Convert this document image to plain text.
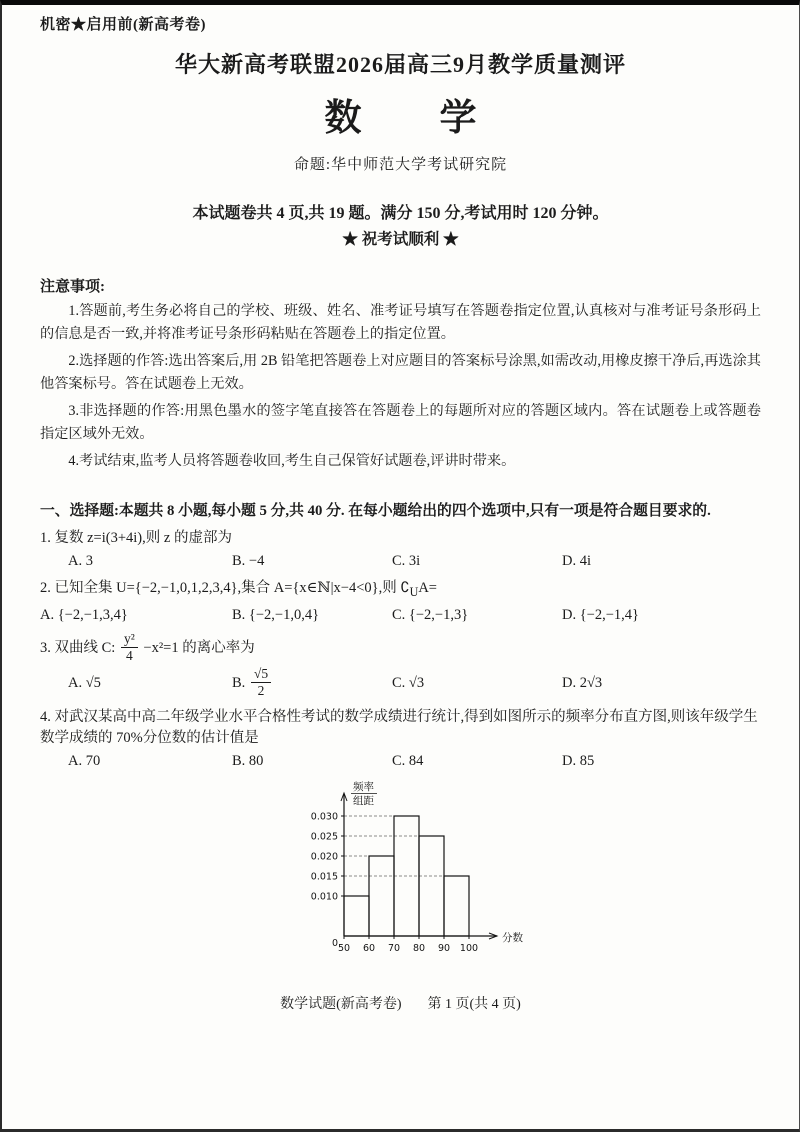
机密★启用前(新高考卷)
华大新高考联盟2026届高三9月教学质量测评
数 学
命题:华中师范大学考试研究院
本试题卷共 4 页,共 19 题。满分 150 分,考试用时 120 分钟。
★ 祝考试顺利 ★
注意事项:

1.答题前,考生务必将自己的学校、班级、姓名、准考证号填写在答题卷指定位置,认真核对与准考证号条形码上的信息是否一致,并将准考证号条形码粘贴在答题卷上的指定位置。

2.选择题的作答:选出答案后,用 2B 铅笔把答题卷上对应题目的答案标号涂黑,如需改动,用橡皮擦干净后,再选涂其他答案标号。答在试题卷上无效。

3.非选择题的作答:用黑色墨水的签字笔直接答在答题卷上的每题所对应的答题区域内。答在试题卷上或答题卷指定区域外无效。

4.考试结束,监考人员将答题卷收回,考生自己保管好试题卷,评讲时带来。

一、选择题:本题共 8 小题,每小题 5 分,共 40 分. 在每小题给出的四个选项中,只有一项是符合题目要求的.

1. 复数 z=i(3+4i),则 z 的虚部为

A. 3	B. −4	C. 3i	D. 4i

2. 已知全集 U={−2,−1,0,1,2,3,4},集合 A={x∈ℕ|x−4<0},则 $∁_UA=$

A. {−2,−1,3,4}	B. {−2,−1,0,4}	C. {−2,−1,3}	D. {−2,−1,4}

3. 双曲线 C: $\frac{\text{y²}}{4} -x^2=1$ 的离心率为

A. √5	B. $\frac{√5}{2}$	C. √3	D. 2√3

4. 对武汉某高中高二年级学业水平合格性考试的数学成绩进行统计,得到如图所示的频率分布直方图,则该年级学生数学成绩的 70%分位数的估计值是

A. 70	B. 80	C. 84	D. 85
0.010
0.015
0.020
0.025
0.030
0 50 60 70 80 90 100
分数
频率
组距
数学试题(新高考卷) 第 1 页(共 4 页)
